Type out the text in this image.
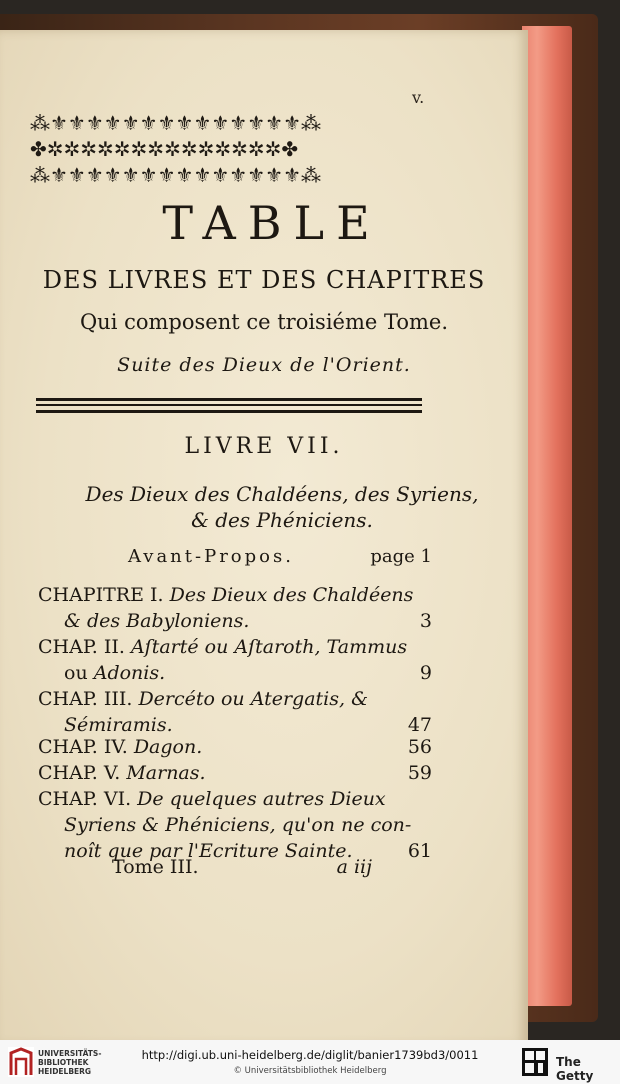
v.
⁂⚜⚜⚜⚜⚜⚜⚜⚜⚜⚜⚜⚜⚜⚜⁂
✤✲✲✲✲✲✲✲✲✲✲✲✲✲✲✤
⁂⚜⚜⚜⚜⚜⚜⚜⚜⚜⚜⚜⚜⚜⚜⁂
TABLE
DES LIVRES ET DES CHAPITRES
Qui composent ce troisiéme Tome.
Suite des Dieux de l'Orient.
LIVRE VII.
Des Dieux des Chaldéens, des Syriens,
& des Phéniciens.
Avant-Propos.	page 1
CHAPITRE I. Des Dieux des Chaldéens
& des Babyloniens.	3
CHAP. II. Aſtarté ou Aſtaroth, Tammus
ou Adonis.	9
CHAP. III. Dercéto ou Atergatis, &
Sémiramis.	47
CHAP. IV. Dagon.	56
CHAP. V. Marnas.	59
CHAP. VI. De quelques autres Dieux
Syriens & Phéniciens, qu'on ne con-
noît que par l'Ecriture Sainte.	61
Tome III.	a iij
UNIVERSITÄTS-
BIBLIOTHEK
HEIDELBERG
http://digi.ub.uni-heidelberg.de/diglit/banier1739bd3/0011
© Universitätsbibliothek Heidelberg
The Getty
